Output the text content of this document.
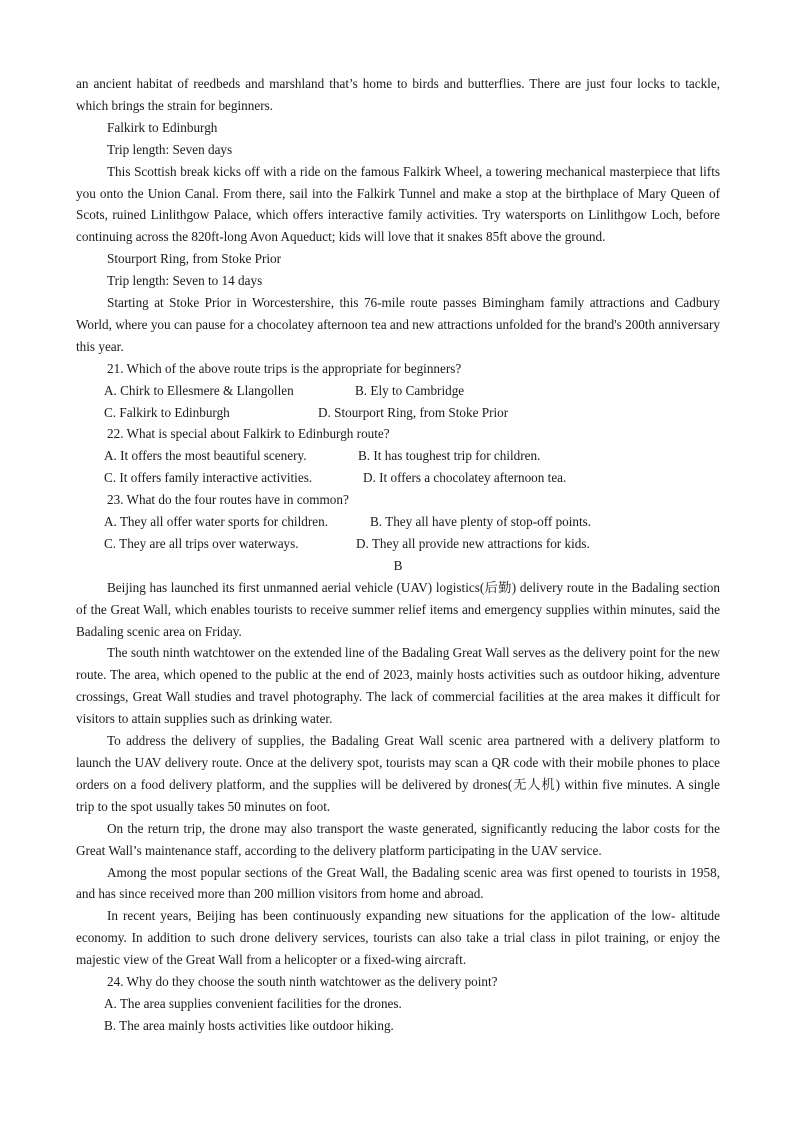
an ancient habitat of reedbeds and marshland that’s home to birds and butterflies. There are just four locks to tackle, which brings the strain for beginners.

Falkirk to Edinburgh

Trip length: Seven days

This Scottish break kicks off with a ride on the famous Falkirk Wheel, a towering mechanical masterpiece that lifts you onto the Union Canal. From there, sail into the Falkirk Tunnel and make a stop at the birthplace of Mary Queen of Scots, ruined Linlithgow Palace, which offers interactive family activities. Try watersports on Linlithgow Loch, before continuing across the 820ft-long Avon Aqueduct; kids will love that it snakes 85ft above the ground.

Stourport Ring, from Stoke Prior

Trip length: Seven to 14 days

Starting at Stoke Prior in Worcestershire, this 76-mile route passes Bimingham family attractions and Cadbury World, where you can pause for a chocolatey afternoon tea and new attractions unfolded for the brand's 200th anniversary this year.

21. Which of the above route trips is the appropriate for beginners?

A. Chirk to Ellesmere & Llangollen	B. Ely to Cambridge
C. Falkirk to Edinburgh	D. Stourport Ring, from Stoke Prior

22. What is special about Falkirk to Edinburgh route?

A. It offers the most beautiful scenery.	B. It has toughest trip for children.
C. It offers family interactive activities.	D. It offers a chocolatey afternoon tea.

23. What do the four routes have in common?

A. They all offer water sports for children.	B. They all have plenty of stop-off points.
C. They are all trips over waterways.	D. They all provide new attractions for kids.

B

Beijing has launched its first unmanned aerial vehicle (UAV) logistics(后勤) delivery route in the Badaling section of the Great Wall, which enables tourists to receive summer relief items and emergency supplies within minutes, said the Badaling scenic area on Friday.

The south ninth watchtower on the extended line of the Badaling Great Wall serves as the delivery point for the new route. The area, which opened to the public at the end of 2023, mainly hosts activities such as outdoor hiking, adventure crossings, Great Wall studies and travel photography. The lack of commercial facilities at the area makes it difficult for visitors to attain supplies such as drinking water.

To address the delivery of supplies, the Badaling Great Wall scenic area partnered with a delivery platform to launch the UAV delivery route. Once at the delivery spot, tourists may scan a QR code with their mobile phones to place orders on a food delivery platform, and the supplies will be delivered by drones(无人机) within five minutes. A single trip to the spot usually takes 50 minutes on foot.

On the return trip, the drone may also transport the waste generated, significantly reducing the labor costs for the Great Wall’s maintenance staff, according to the delivery platform participating in the UAV service.

Among the most popular sections of the Great Wall, the Badaling scenic area was first opened to tourists in 1958, and has since received more than 200 million visitors from home and abroad.

In recent years, Beijing has been continuously expanding new situations for the application of the low- altitude economy. In addition to such drone delivery services, tourists can also take a trial class in pilot training, or enjoy the majestic view of the Great Wall from a helicopter or a fixed-wing aircraft.

24. Why do they choose the south ninth watchtower as the delivery point?

A. The area supplies convenient facilities for the drones.

B. The area mainly hosts activities like outdoor hiking.
